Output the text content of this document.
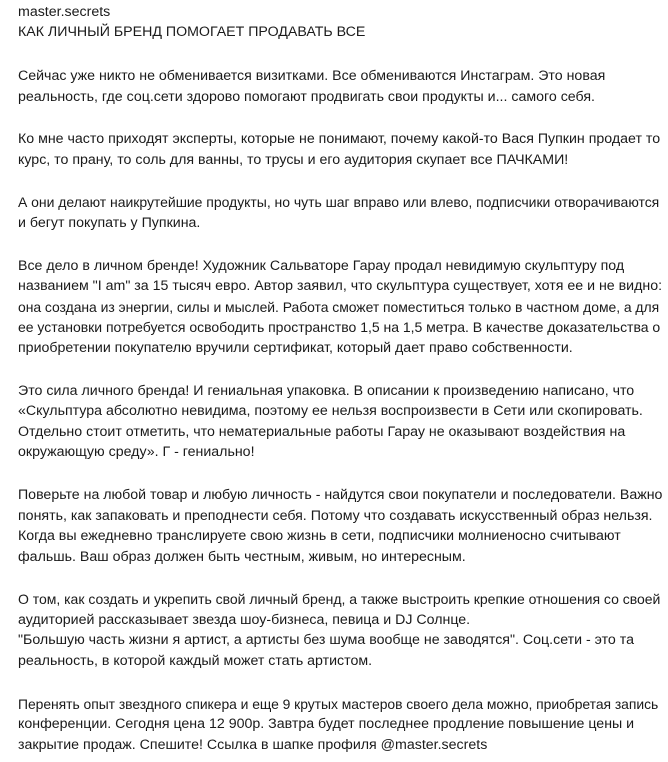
master.secrets

КАК ЛИЧНЫЙ БРЕНД ПОМОГАЕТ ПРОДАВАТЬ ВСЕ

Сейчас уже никто не обменивается визитками. Все обмениваются Инстаграм. Это новая
реальность, где соц.сети здорово помогают продвигать свои продукты и... самого себя.

Ко мне часто приходят эксперты, которые не понимают, почему какой-то Вася Пупкин продает то
курс, то прану, то соль для ванны, то трусы и его аудитория скупает все ПАЧКАМИ!

А они делают наикрутейшие продукты, но чуть шаг вправо или влево, подписчики отворачиваются
и бегут покупать у Пупкина.

Все дело в личном бренде! Художник Сальваторе Гарау продал невидимую скульптуру под
названием "I am" за 15 тысяч евро. Автор заявил, что скульптура существует, хотя ее и не видно:
она создана из энергии, силы и мыслей. Работа сможет поместиться только в частном доме, а для
ее установки потребуется освободить пространство 1,5 на 1,5 метра. В качестве доказательства о
приобретении покупателю вручили сертификат, который дает право собственности.

Это сила личного бренда! И гениальная упаковка. В описании к произведению написано, что
«Скульптура абсолютно невидима, поэтому ее нельзя воспроизвести в Сети или скопировать.
Отдельно стоит отметить, что нематериальные работы Гарау не оказывают воздействия на
окружающую среду». Г - гениально!

Поверьте на любой товар и любую личность - найдутся свои покупатели и последователи. Важно
понять, как запаковать и преподнести себя. Потому что создавать искусственный образ нельзя.
Когда вы ежедневно транслируете свою жизнь в сети, подписчики молниеносно считывают
фальшь. Ваш образ должен быть честным, живым, но интересным.

О том, как создать и укрепить свой личный бренд, а также выстроить крепкие отношения со своей
аудиторией рассказывает звезда шоу-бизнеса, певица и DJ Солнце.
"Большую часть жизни я артист, а артисты без шума вообще не заводятся". Соц.сети - это та
реальность, в которой каждый может стать артистом.

Перенять опыт звездного спикера и еще 9 крутых мастеров своего дела можно, приобретая запись
конференции. Сегодня цена 12 900р. Завтра будет последнее продление повышение цены и
закрытие продаж. Спешите! Ссылка в шапке профиля @master.secrets
